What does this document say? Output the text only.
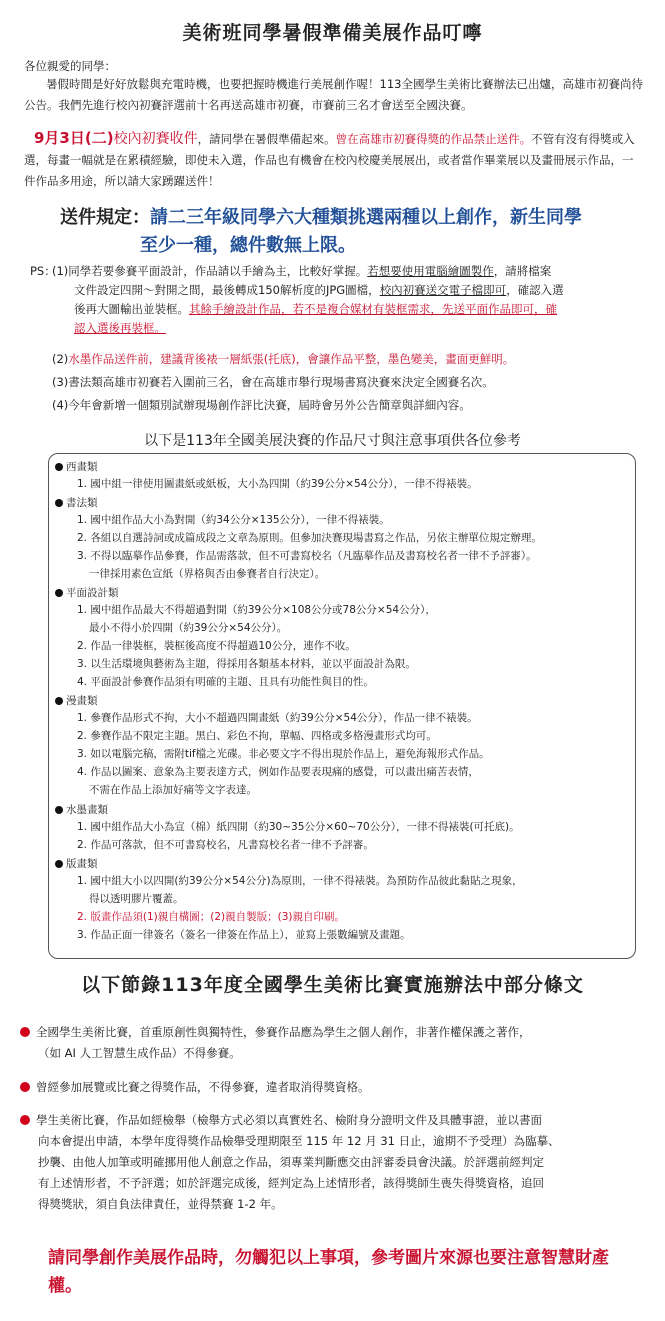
美術班同學暑假準備美展作品叮嚀
各位親愛的同學：
暑假時間是好好放鬆與充電時機，也要把握時機進行美展創作喔！113全國學生美術比賽辦法已出爐，高雄市初賽尚待公告。我們先進行校內初賽評選前十名再送高雄市初賽，市賽前三名才會送至全國決賽。
9月3日(二)校內初賽收件，請同學在暑假準備起來。曾在高雄市初賽得獎的作品禁止送件。不管有沒有得獎或入選，每畫一幅就是在累積經驗，即使未入選，作品也有機會在校內校慶美展展出，或者當作畢業展以及畫冊展示作品，一件作品多用途，所以請大家踴躍送件！
送件規定：請二三年級同學六大種類挑選兩種以上創作，新生同學
至少一種，總件數無上限。
PS：
(1)同學若要參賽平面設計，作品請以手繪為主，比較好掌握。若想要使用電腦繪圖製作，請將檔案
文件設定四開～對開之間，最後轉成150解析度的JPG圖檔，校內初賽送交電子檔即可，確認入選
後再大圖輸出並裝框。其餘手繪設計作品，若不是複合媒材有裝框需求，先送平面作品即可，確
認入選後再裝框。
(2)水墨作品送件前，建議背後裱一層紙張(托底)，會讓作品平整，墨色變美，畫面更鮮明。
(3)書法類高雄市初賽若入圍前三名，會在高雄市舉行現場書寫決賽來決定全國賽名次。
(4)今年會新增一個類別試辦現場創作評比決賽，屆時會另外公告簡章與詳細內容。
以下是113年全國美展決賽的作品尺寸與注意事項供各位參考
西畫類
1. 國中組一律使用圖畫紙或紙板，大小為四開（約39公分×54公分），一律不得裱裝。
書法類
1. 國中組作品大小為對開（約34公分×135公分），一律不得裱裝。
2. 各組以自選詩詞或成篇成段之文章為原則。但參加決賽現場書寫之作品，另依主辦單位規定辦理。
3. 不得以臨摹作品參賽，作品需落款，但不可書寫校名（凡臨摹作品及書寫校名者一律不予評審）。
一律採用素色宣紙（界格與否由參賽者自行決定）。
平面設計類
1. 國中組作品最大不得超過對開（約39公分×108公分或78公分×54公分），
最小不得小於四開（約39公分×54公分）。
2. 作品一律裝框，裝框後高度不得超過10公分，連作不收。
3. 以生活環境與藝術為主題，得採用各類基本材料，並以平面設計為限。
4. 平面設計參賽作品須有明確的主題、且具有功能性與目的性。
漫畫類
1. 參賽作品形式不拘，大小不超過四開畫紙（約39公分×54公分），作品一律不裱裝。
2. 參賽作品不限定主題。黑白、彩色不拘，單幅、四格或多格漫畫形式均可。
3. 如以電腦完稿，需附tif檔之光碟。非必要文字不得出現於作品上，避免海報形式作品。
4. 作品以圖案、意象為主要表達方式，例如作品要表現痛的感覺，可以畫出痛苦表情，
不需在作品上添加好痛等文字表達。
水墨畫類
1. 國中組作品大小為宣（棉）紙四開（約30~35公分×60~70公分），一律不得裱裝(可托底)。
2. 作品可落款，但不可書寫校名，凡書寫校名者一律不予評審。
版畫類
1. 國中組大小以四開(約39公分×54公分)為原則，一律不得裱裝。為預防作品彼此黏貼之現象，
得以透明膠片覆蓋。
2. 版畫作品須(1)親自構圖；(2)親自製版；(3)親自印刷。
3. 作品正面一律簽名（簽名一律簽在作品上），並寫上張數編號及畫題。
以下節錄113年度全國學生美術比賽實施辦法中部分條文
全國學生美術比賽，首重原創性與獨特性，參賽作品應為學生之個人創作，非著作權保護之著作，
（如 AI 人工智慧生成作品）不得參賽。
曾經參加展覽或比賽之得獎作品，不得參賽，違者取消得獎資格。
學生美術比賽，作品如經檢舉（檢舉方式必須以真實姓名、檢附身分證明文件及具體事證，並以書面
向本會提出申請，本學年度得獎作品檢舉受理期限至 115 年 12 月 31 日止，逾期不予受理）為臨摹、
抄襲、由他人加筆或明確挪用他人創意之作品，須專業判斷應交由評審委員會決議。於評選前經判定
有上述情形者，不予評選；如於評選完成後，經判定為上述情形者，該得獎師生喪失得獎資格，追回
得獎獎狀，須自負法律責任，並得禁賽 1-2 年。
請同學創作美展作品時，勿觸犯以上事項，參考圖片來源也要注意智慧財產權。
